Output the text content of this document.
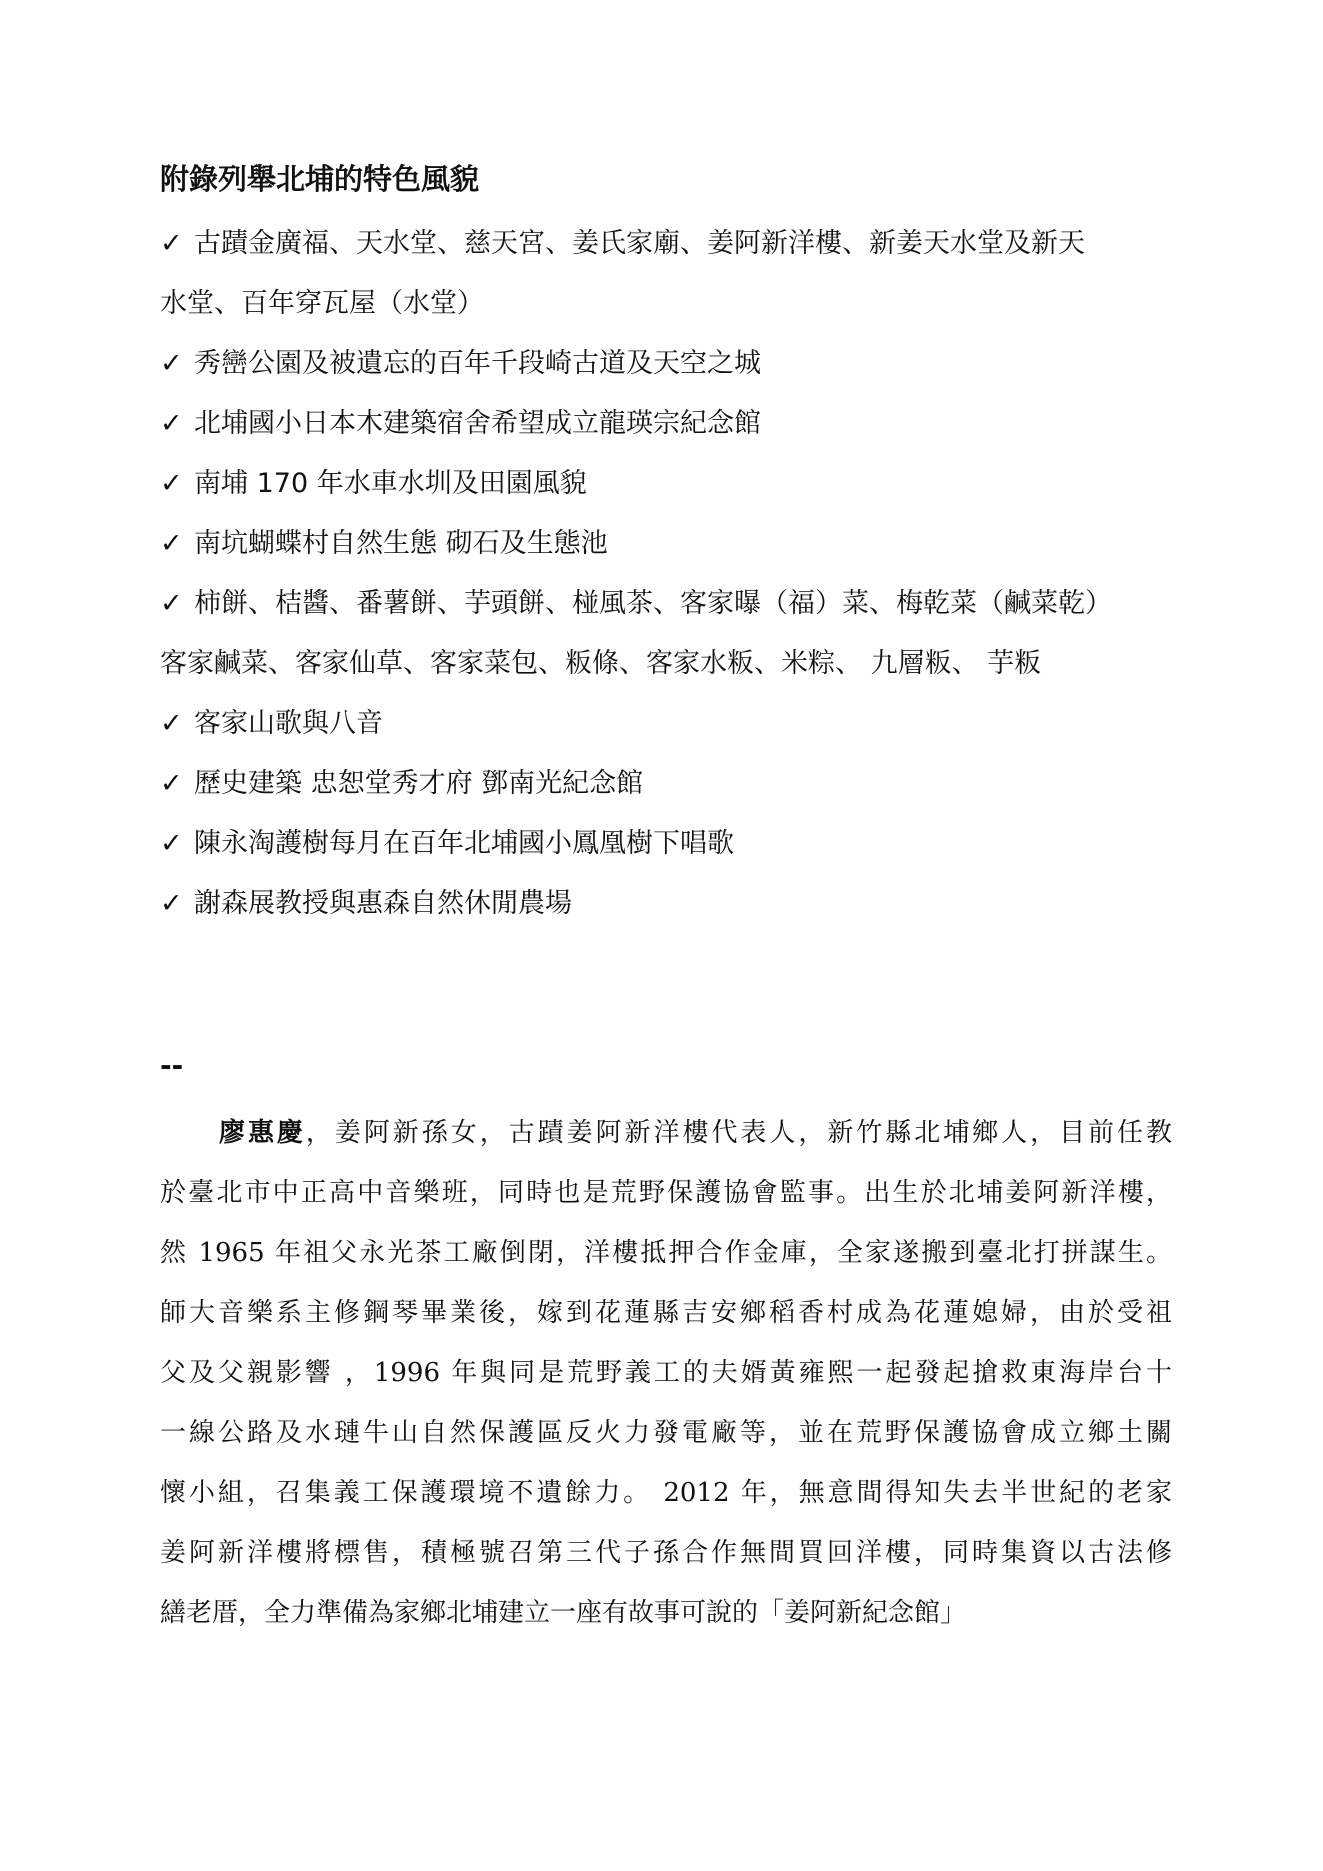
附錄列舉北埔的特色風貌
✓ 古蹟金廣福、天水堂、慈天宮、姜氏家廟、姜阿新洋樓、新姜天水堂及新天
水堂、百年穿瓦屋（水堂）
✓ 秀巒公園及被遺忘的百年千段崎古道及天空之城
✓ 北埔國小日本木建築宿舍希望成立龍瑛宗紀念館
✓ 南埔 170 年水車水圳及田園風貌
✓ 南坑蝴蝶村自然生態 砌石及生態池
✓ 柿餅、桔醬、番薯餅、芋頭餅、椪風茶、客家曝（福）菜、梅乾菜（鹹菜乾）
客家鹹菜、客家仙草、客家菜包、粄條、客家水粄、米粽、 九層粄、 芋粄
✓ 客家山歌與八音
✓ 歷史建築 忠恕堂秀才府 鄧南光紀念館
✓ 陳永淘護樹每月在百年北埔國小鳳凰樹下唱歌
✓ 謝森展教授與惠森自然休閒農場
--
廖惠慶，姜阿新孫女，古蹟姜阿新洋樓代表人，新竹縣北埔鄉人，目前任教
於臺北市中正高中音樂班，同時也是荒野保護協會監事。出生於北埔姜阿新洋樓，
然 1965 年祖父永光茶工廠倒閉，洋樓抵押合作金庫，全家遂搬到臺北打拼謀生。
師大音樂系主修鋼琴畢業後，嫁到花蓮縣吉安鄉稻香村成為花蓮媳婦，由於受祖
父及父親影響 ，1996 年與同是荒野義工的夫婿黃雍熙一起發起搶救東海岸台十
一線公路及水璉牛山自然保護區反火力發電廠等，並在荒野保護協會成立鄉土關
懷小組，召集義工保護環境不遺餘力。 2012 年，無意間得知失去半世紀的老家
姜阿新洋樓將標售，積極號召第三代子孫合作無間買回洋樓，同時集資以古法修
繕老厝，全力準備為家鄉北埔建立一座有故事可說的「姜阿新紀念館」
